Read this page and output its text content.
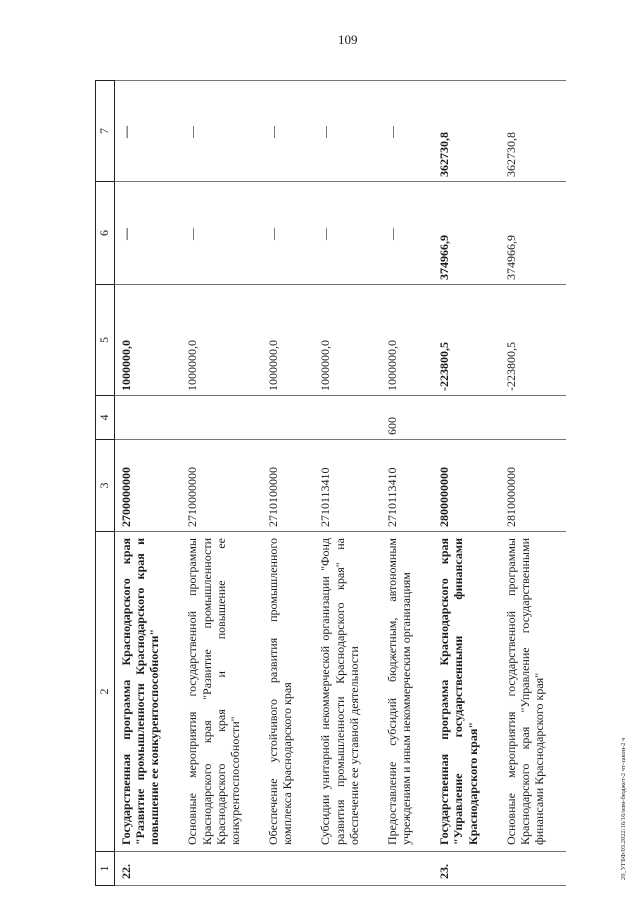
109
20_УГБФ/03.2022/16/16/изм-бюджет-2 чт-закон-2 ч
1	2	3	4	5	6	7
22.	Государственная программа Краснодарского края "Развитие промышленности Краснодарского края и повышение ее конкурентоспособности"	2700000000		1000000,0	—	—

	Основные мероприятия государственной программы Краснодарского края "Развитие промышленности Краснодарского края и повышение ее конкурентоспособности"	2710000000		1000000,0	—	—

	Обеспечение устойчивого развития промышленного комплекса Краснодарского края	2710100000		1000000,0	—	—

	Субсидии унитарной некоммерческой организации "Фонд развития промышленности Краснодарского края" на обеспечение ее уставной деятельности	2710113410		1000000,0	—	—

	Предоставление субсидий бюджетным, автономным учреждениям и иным некоммерческим организациям	2710113410	600	1000000,0	—	—

23.	Государственная программа Краснодарского края "Управление государственными финансами Краснодарского края"	2800000000		-223800,5	374966,9	362730,8

	Основные мероприятия государственной программы Краснодарского края "Управление государственными финансами Краснодарского края"	2810000000		-223800,5	374966,9	362730,8
